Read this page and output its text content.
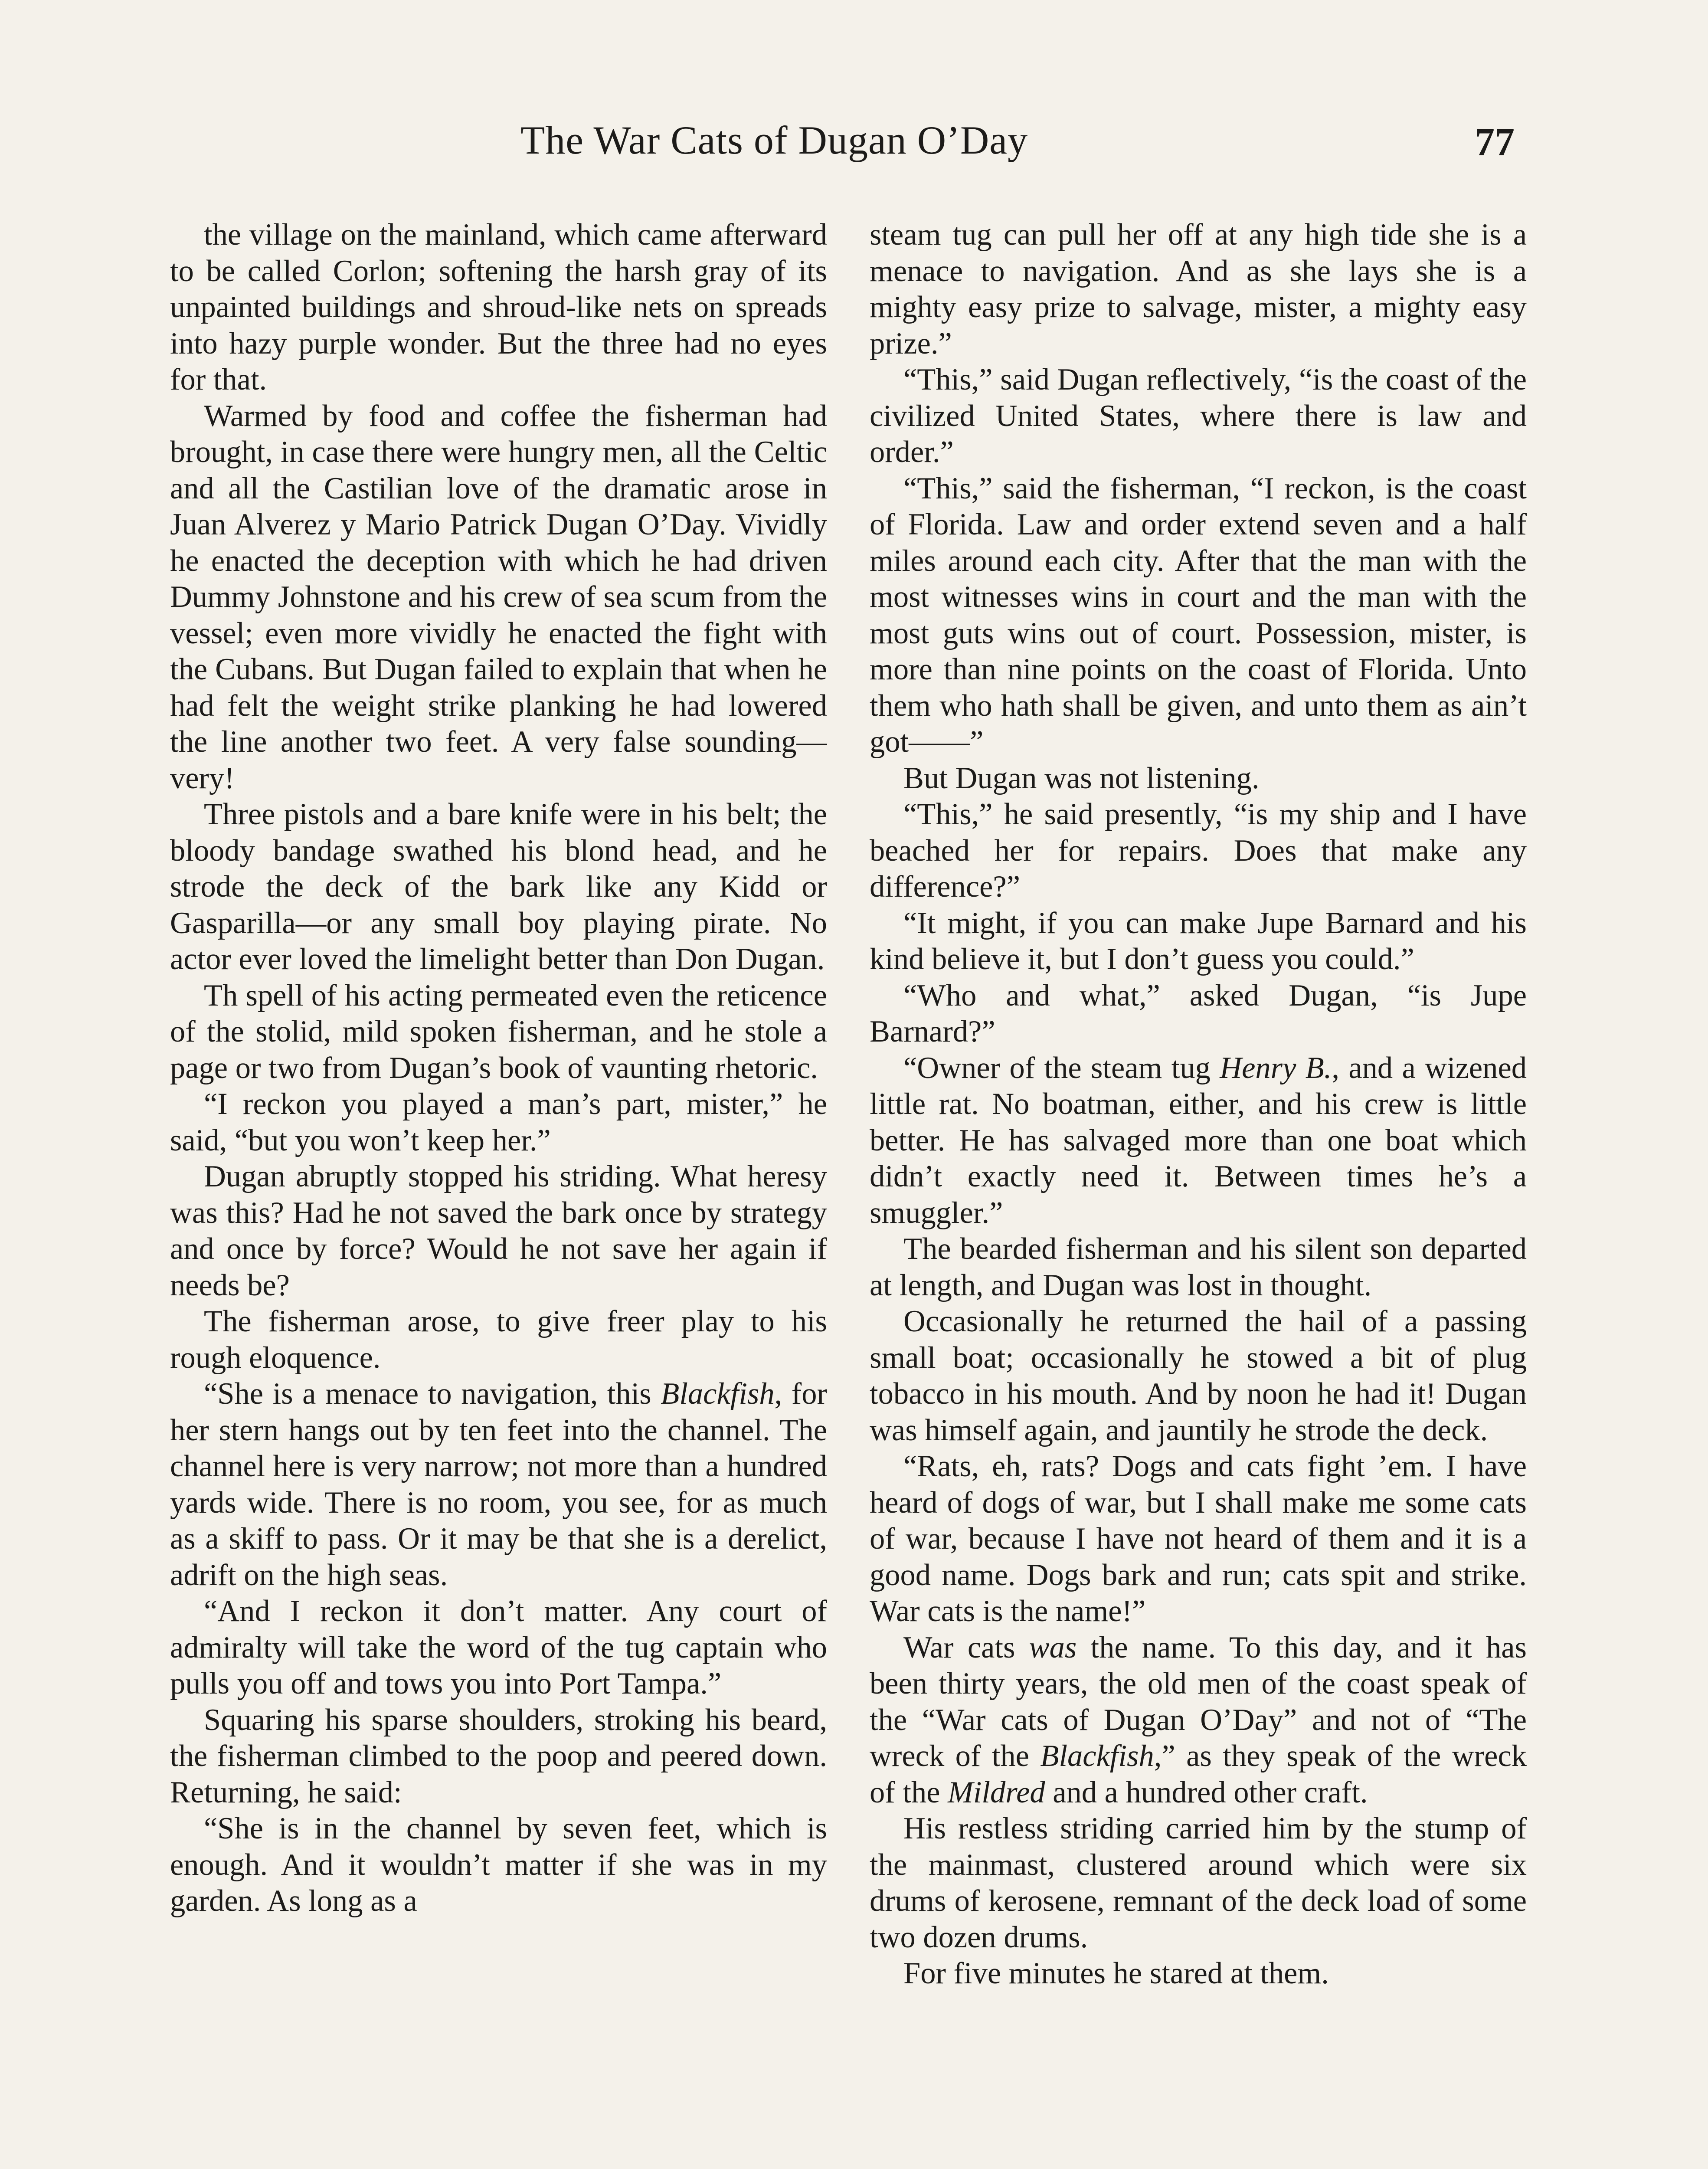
The War Cats of Dugan O’Day	77

the village on the mainland, which came afterward to be called Corlon; softening the harsh gray of its unpainted buildings and shroud-like nets on spreads into hazy purple wonder. But the three had no eyes for that.

Warmed by food and coffee the fisherman had brought, in case there were hungry men, all the Celtic and all the Castilian love of the dramatic arose in Juan Alverez y Mario Patrick Dugan O’Day. Vividly he enacted the deception with which he had driven Dummy Johnstone and his crew of sea scum from the vessel; even more vividly he enacted the fight with the Cubans. But Dugan failed to explain that when he had felt the weight strike planking he had lowered the line another two feet. A very false sounding—very!

Three pistols and a bare knife were in his belt; the bloody bandage swathed his blond head, and he strode the deck of the bark like any Kidd or Gasparilla—or any small boy playing pirate. No actor ever loved the limelight better than Don Dugan.

Th spell of his acting permeated even the reticence of the stolid, mild spoken fisherman, and he stole a page or two from Dugan’s book of vaunting rhetoric.

“I reckon you played a man’s part, mister,” he said, “but you won’t keep her.”

Dugan abruptly stopped his striding. What heresy was this? Had he not saved the bark once by strategy and once by force? Would he not save her again if needs be?

The fisherman arose, to give freer play to his rough eloquence.

“She is a menace to navigation, this Blackfish, for her stern hangs out by ten feet into the channel. The channel here is very narrow; not more than a hundred yards wide. There is no room, you see, for as much as a skiff to pass. Or it may be that she is a derelict, adrift on the high seas.

“And I reckon it don’t matter. Any court of admiralty will take the word of the tug captain who pulls you off and tows you into Port Tampa.”

Squaring his sparse shoulders, stroking his beard, the fisherman climbed to the poop and peered down. Returning, he said:

“She is in the channel by seven feet, which is enough. And it wouldn’t matter if she was in my garden. As long as a

steam tug can pull her off at any high tide she is a menace to navigation. And as she lays she is a mighty easy prize to salvage, mister, a mighty easy prize.”

“This,” said Dugan reflectively, “is the coast of the civilized United States, where there is law and order.”

“This,” said the fisherman, “I reckon, is the coast of Florida. Law and order extend seven and a half miles around each city. After that the man with the most witnesses wins in court and the man with the most guts wins out of court. Possession, mister, is more than nine points on the coast of Florida. Unto them who hath shall be given, and unto them as ain’t got——”

But Dugan was not listening.

“This,” he said presently, “is my ship and I have beached her for repairs. Does that make any difference?”

“It might, if you can make Jupe Barnard and his kind believe it, but I don’t guess you could.”

“Who and what,” asked Dugan, “is Jupe Barnard?”

“Owner of the steam tug Henry B., and a wizened little rat. No boatman, either, and his crew is little better. He has salvaged more than one boat which didn’t exactly need it. Between times he’s a smuggler.”

The bearded fisherman and his silent son departed at length, and Dugan was lost in thought.

Occasionally he returned the hail of a passing small boat; occasionally he stowed a bit of plug tobacco in his mouth. And by noon he had it! Dugan was himself again, and jauntily he strode the deck.

“Rats, eh, rats? Dogs and cats fight ’em. I have heard of dogs of war, but I shall make me some cats of war, because I have not heard of them and it is a good name. Dogs bark and run; cats spit and strike. War cats is the name!”

War cats was the name. To this day, and it has been thirty years, the old men of the coast speak of the “War cats of Dugan O’Day” and not of “The wreck of the Blackfish,” as they speak of the wreck of the Mildred and a hundred other craft.

His restless striding carried him by the stump of the mainmast, clustered around which were six drums of kerosene, remnant of the deck load of some two dozen drums.

For five minutes he stared at them.
